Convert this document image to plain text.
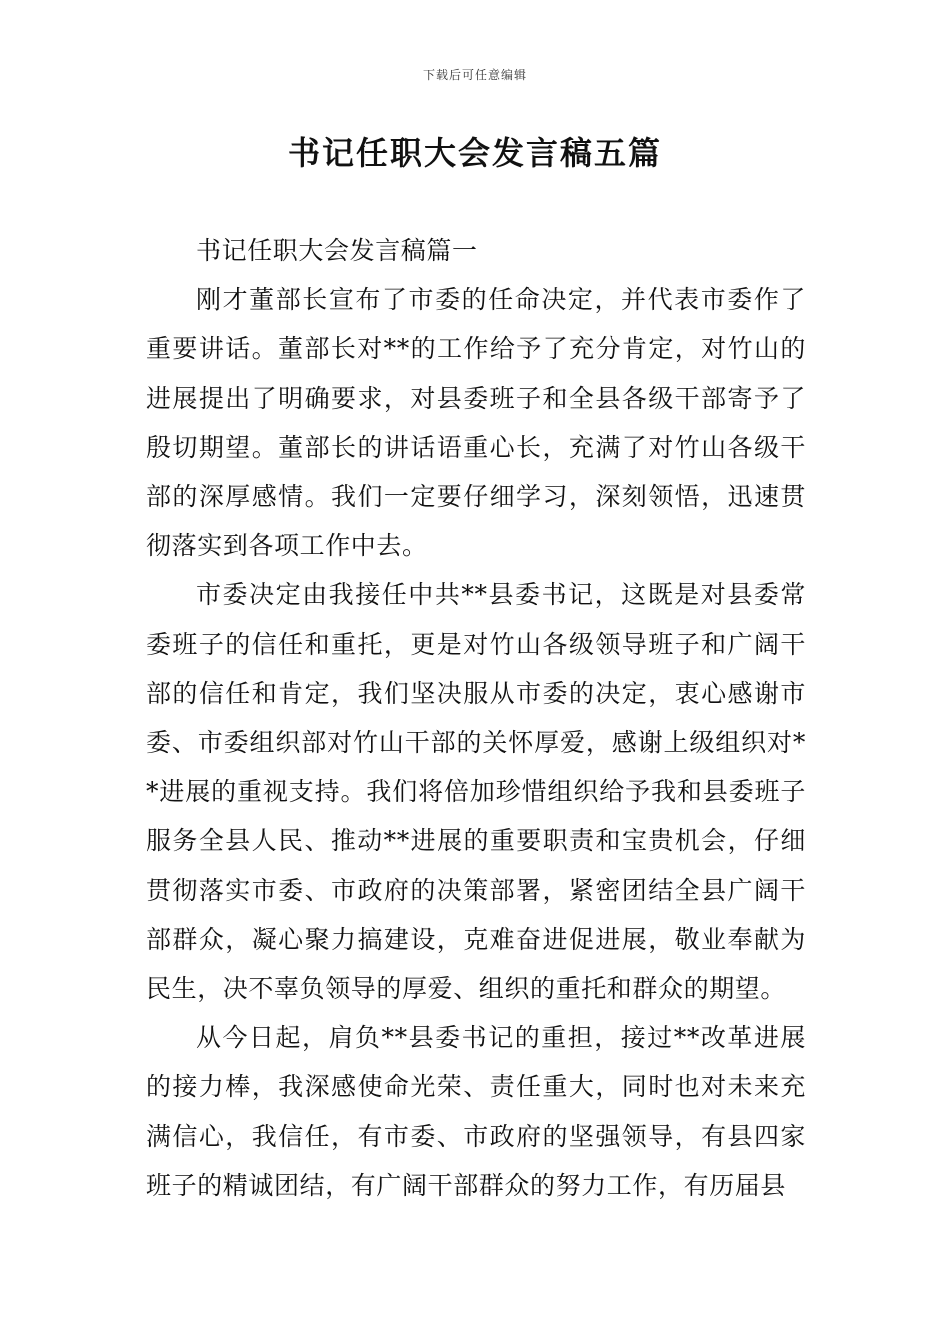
下载后可任意编辑
书记任职大会发言稿五篇

书记任职大会发言稿篇一

刚才董部长宣布了市委的任命决定，并代表市委作了重要讲话。董部长对**的工作给予了充分肯定，对竹山的进展提出了明确要求，对县委班子和全县各级干部寄予了殷切期望。董部长的讲话语重心长，充满了对竹山各级干部的深厚感情。我们一定要仔细学习，深刻领悟，迅速贯彻落实到各项工作中去。

市委决定由我接任中共**县委书记，这既是对县委常委班子的信任和重托，更是对竹山各级领导班子和广阔干部的信任和肯定，我们坚决服从市委的决定，衷心感谢市委、市委组织部对竹山干部的关怀厚爱，感谢上级组织对**进展的重视支持。我们将倍加珍惜组织给予我和县委班子服务全县人民、推动**进展的重要职责和宝贵机会，仔细贯彻落实市委、市政府的决策部署，紧密团结全县广阔干部群众，凝心聚力搞建设，克难奋进促进展，敬业奉献为民生，决不辜负领导的厚爱、组织的重托和群众的期望。

从今日起，肩负**县委书记的重担，接过**改革进展的接力棒，我深感使命光荣、责任重大，同时也对未来充满信心，我信任，有市委、市政府的坚强领导，有县四家班子的精诚团结，有广阔干部群众的努力工作，有历届县
